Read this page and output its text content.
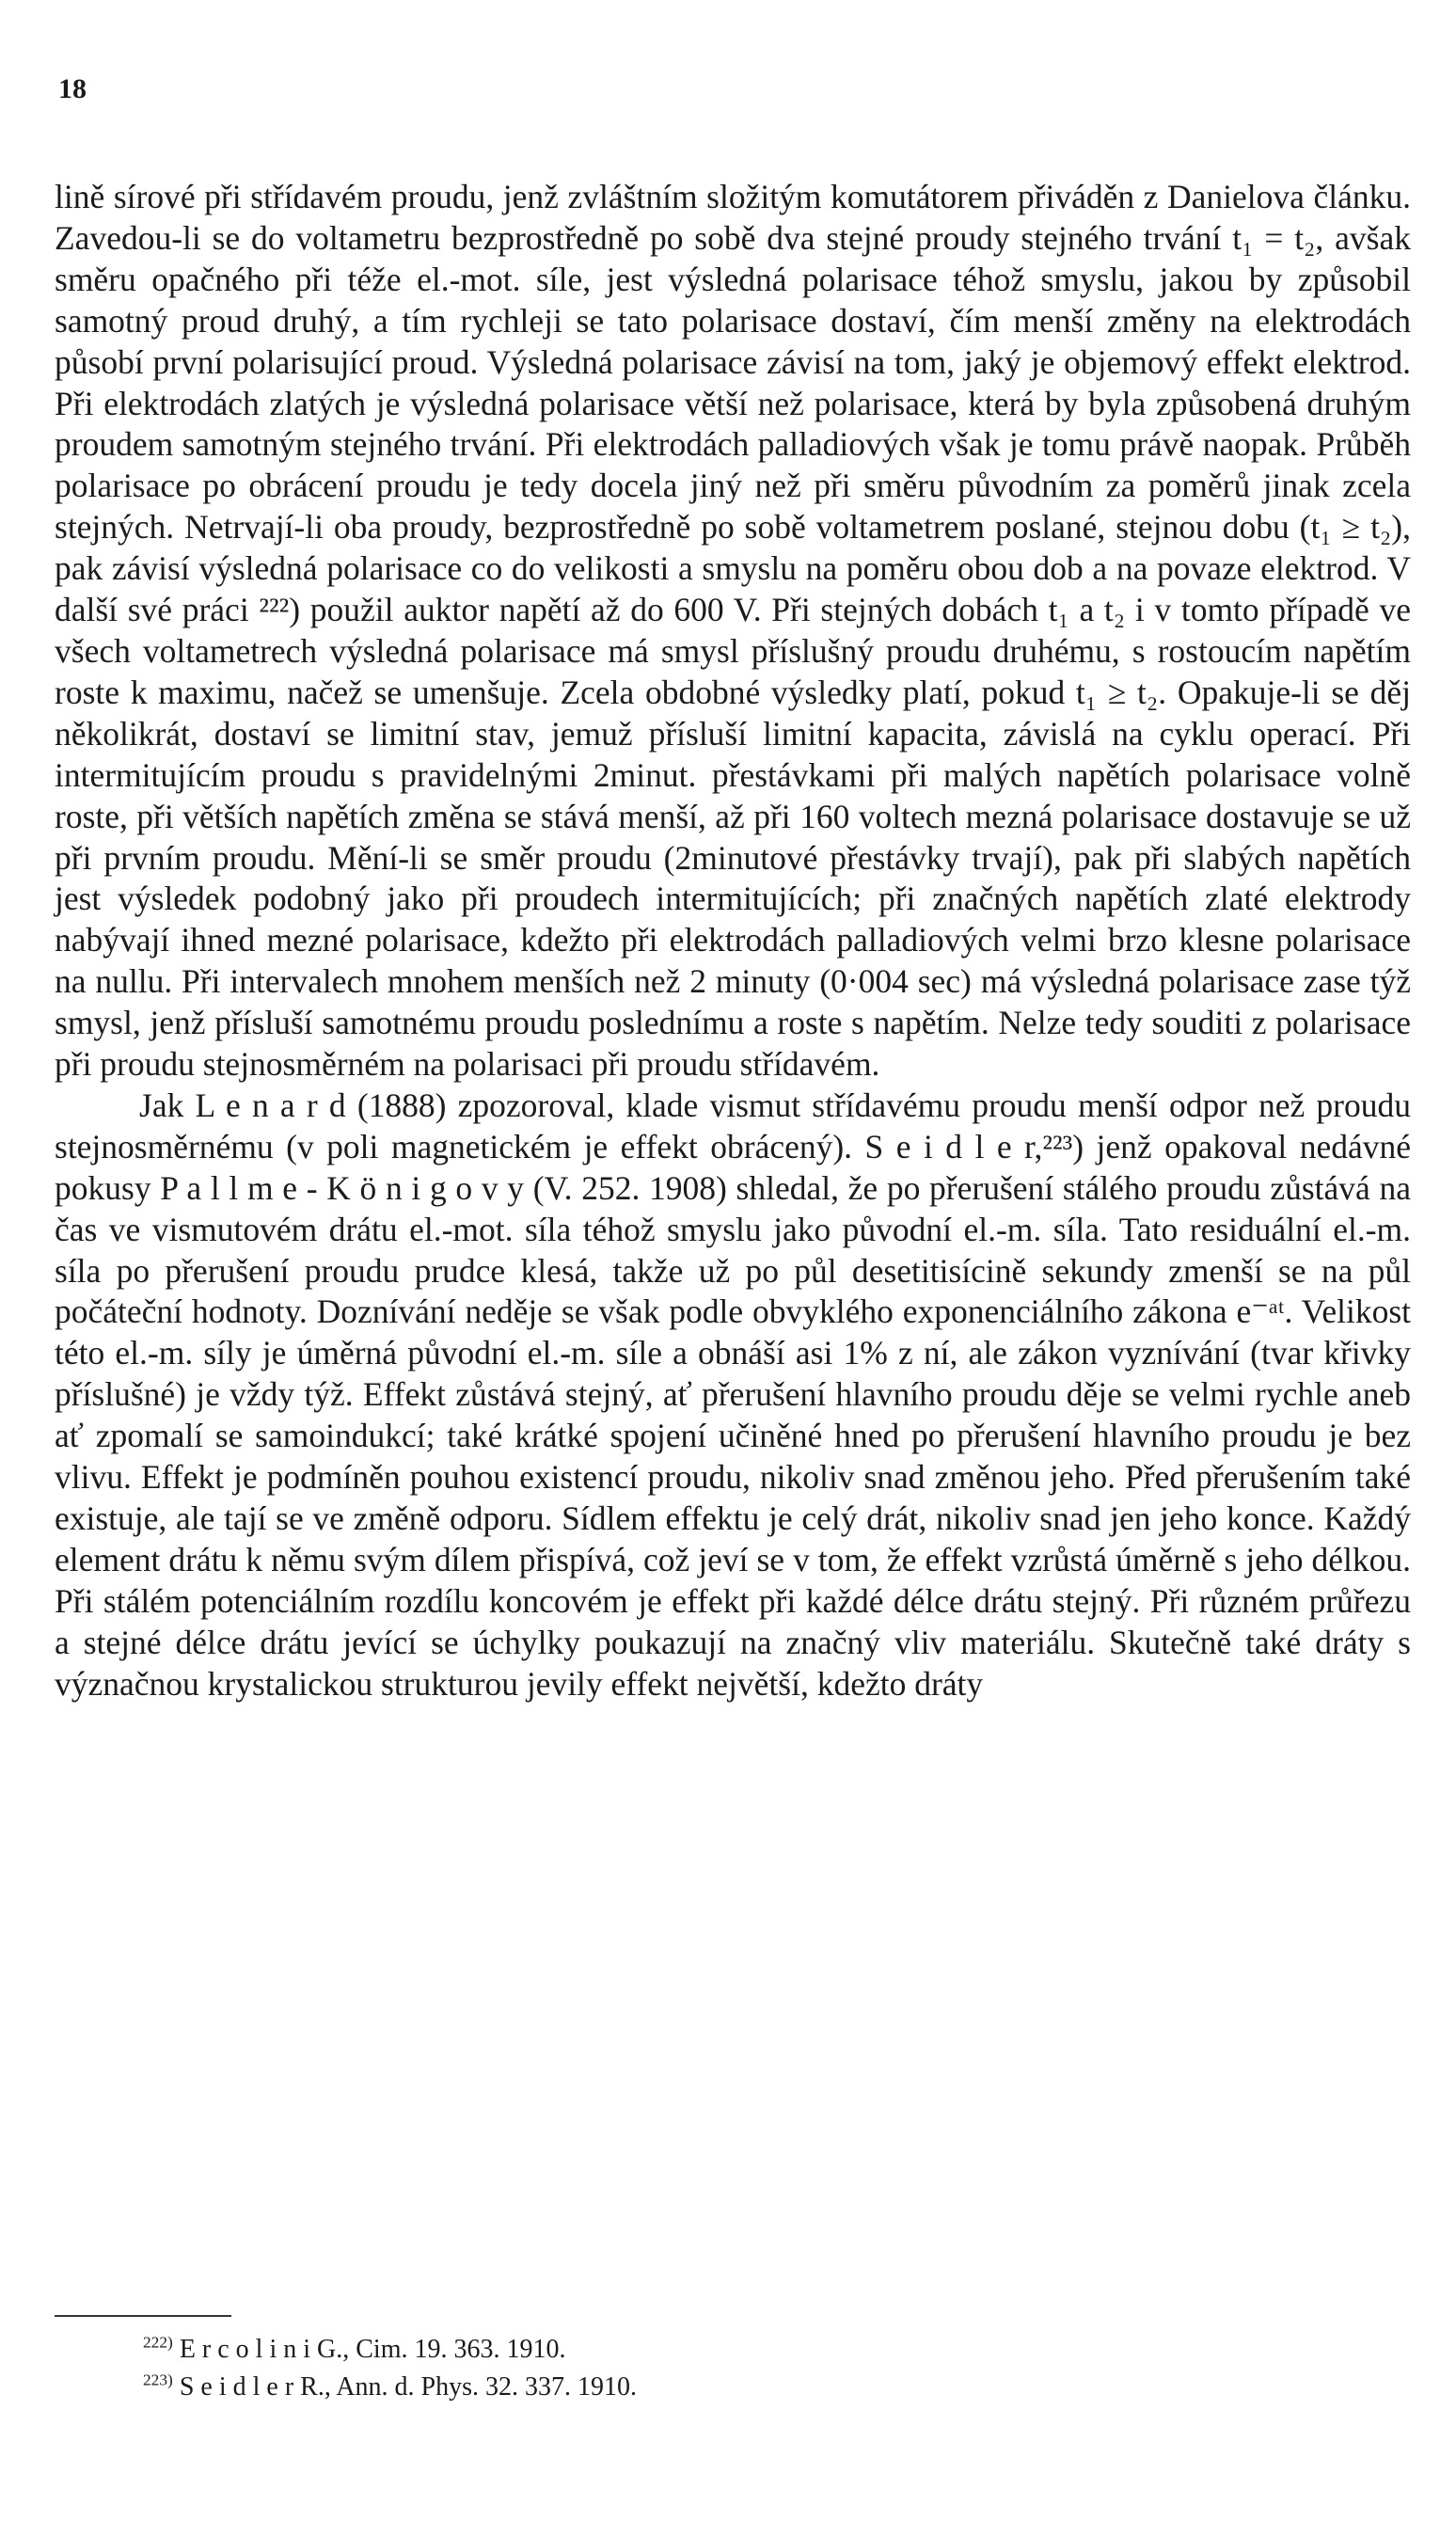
18

lině sírové při střídavém proudu, jenž zvláštním složitým komutátorem přiváděn z Danielova článku. Zavedou-li se do voltametru bezprostředně po sobě dva stejné proudy stejného trvání t₁ = t₂, avšak směru opačného při téže el.-mot. síle, jest výsledná polarisace téhož smyslu, jakou by způsobil samotný proud druhý, a tím rychleji se tato polarisace dostaví, čím menší změny na elektrodách působí první polarisující proud. Výsledná polarisace závisí na tom, jaký je objemový effekt elektrod. Při elektrodách zlatých je výsledná polarisace větší než polarisace, která by byla způsobená druhým proudem samotným stejného trvání. Při elektrodách palladiových však je tomu právě naopak. Průběh polarisace po obrácení proudu je tedy docela jiný než při směru původním za poměrů jinak zcela stejných. Netrvají-li oba proudy, bezprostředně po sobě voltametrem poslané, stejnou dobu (t₁ ≥ t₂), pak závisí výsledná polarisace co do velikosti a smyslu na poměru obou dob a na povaze elektrod. V další své práci ²²²) použil auktor napětí až do 600 V. Při stejných dobách t₁ a t₂ i v tomto případě ve všech voltametrech výsledná polarisace má smysl příslušný proudu druhému, s rostoucím napětím roste k maximu, načež se umenšuje. Zcela obdobné výsledky platí, pokud t₁ ≥ t₂. Opakuje-li se děj několikrát, dostaví se limitní stav, jemuž přísluší limitní kapacita, závislá na cyklu operací. Při intermitujícím proudu s pravidelnými 2minut. přestávkami při malých napětích polarisace volně roste, při větších napětích změna se stává menší, až při 160 voltech mezná polarisace dostavuje se už při prvním proudu. Mění-li se směr proudu (2minutové přestávky trvají), pak při slabých napětích jest výsledek podobný jako při proudech intermitujících; při značných napětích zlaté elektrody nabývají ihned mezné polarisace, kdežto při elektrodách palladiových velmi brzo klesne polarisace na nullu. Při intervalech mnohem menších než 2 minuty (0·004 sec) má výsledná polarisace zase týž smysl, jenž přísluší samotnému proudu poslednímu a roste s napětím. Nelze tedy souditi z polarisace při proudu stejnosměrném na polarisaci při proudu střídavém.

Jak L e n a r d (1888) zpozoroval, klade vismut střídavému proudu menší odpor než proudu stejnosměrnému (v poli magnetickém je effekt obrácený). S e i d l e r,²²³) jenž opakoval nedávné pokusy P a l l m e - K ö n i g o v y (V. 252. 1908) shledal, že po přerušení stálého proudu zůstává na čas ve vismutovém drátu el.-mot. síla téhož smyslu jako původní el.-m. síla. Tato residuální el.-m. síla po přerušení proudu prudce klesá, takže už po půl desetitisícině sekundy zmenší se na půl počáteční hodnoty. Doznívání neděje se však podle obvyklého exponenciálního zákona e⁻ᵃᵗ. Velikost této el.-m. síly je úměrná původní el.-m. síle a obnáší asi 1% z ní, ale zákon vyznívání (tvar křivky příslušné) je vždy týž. Effekt zůstává stejný, ať přerušení hlavního proudu děje se velmi rychle aneb ať zpomalí se samoindukcí; také krátké spojení učiněné hned po přerušení hlavního proudu je bez vlivu. Effekt je podmíněn pouhou existencí proudu, nikoliv snad změnou jeho. Před přerušením také existuje, ale tají se ve změně odporu. Sídlem effektu je celý drát, nikoliv snad jen jeho konce. Každý element drátu k němu svým dílem přispívá, což jeví se v tom, že effekt vzrůstá úměrně s jeho délkou. Při stálém potenciálním rozdílu koncovém je effekt při každé délce drátu stejný. Při různém průřezu a stejné délce drátu jevící se úchylky poukazují na značný vliv materiálu. Skutečně také dráty s význačnou krystalickou strukturou jevily effekt největší, kdežto dráty

$^{222)}$ E r c o l i n i G., Cim. 19. 363. 1910.

$^{223)}$ S e i d l e r R., Ann. d. Phys. 32. 337. 1910.
